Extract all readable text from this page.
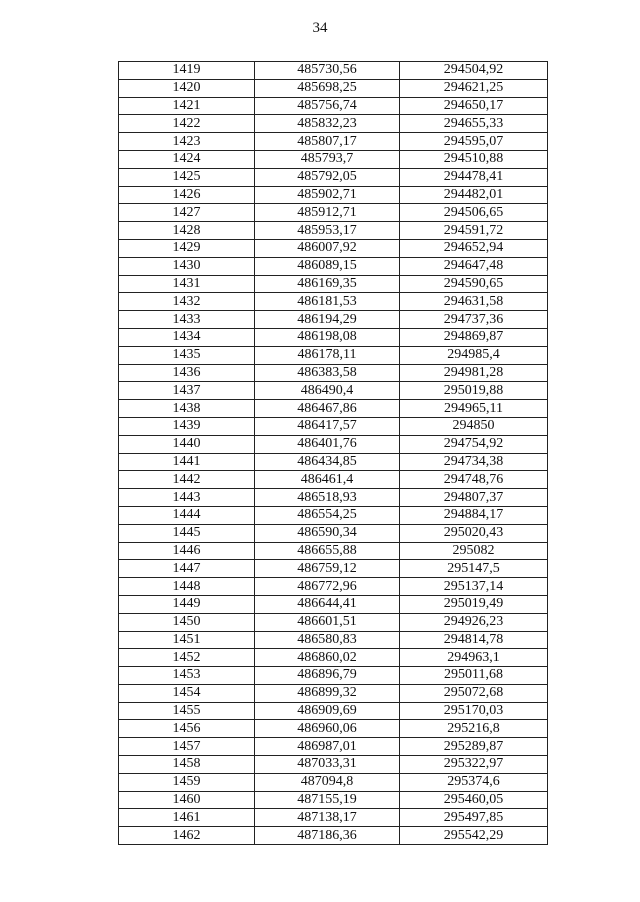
34
1419	485730,56	294504,92
1420	485698,25	294621,25
1421	485756,74	294650,17
1422	485832,23	294655,33
1423	485807,17	294595,07
1424	485793,7	294510,88
1425	485792,05	294478,41
1426	485902,71	294482,01
1427	485912,71	294506,65
1428	485953,17	294591,72
1429	486007,92	294652,94
1430	486089,15	294647,48
1431	486169,35	294590,65
1432	486181,53	294631,58
1433	486194,29	294737,36
1434	486198,08	294869,87
1435	486178,11	294985,4
1436	486383,58	294981,28
1437	486490,4	295019,88
1438	486467,86	294965,11
1439	486417,57	294850
1440	486401,76	294754,92
1441	486434,85	294734,38
1442	486461,4	294748,76
1443	486518,93	294807,37
1444	486554,25	294884,17
1445	486590,34	295020,43
1446	486655,88	295082
1447	486759,12	295147,5
1448	486772,96	295137,14
1449	486644,41	295019,49
1450	486601,51	294926,23
1451	486580,83	294814,78
1452	486860,02	294963,1
1453	486896,79	295011,68
1454	486899,32	295072,68
1455	486909,69	295170,03
1456	486960,06	295216,8
1457	486987,01	295289,87
1458	487033,31	295322,97
1459	487094,8	295374,6
1460	487155,19	295460,05
1461	487138,17	295497,85
1462	487186,36	295542,29
